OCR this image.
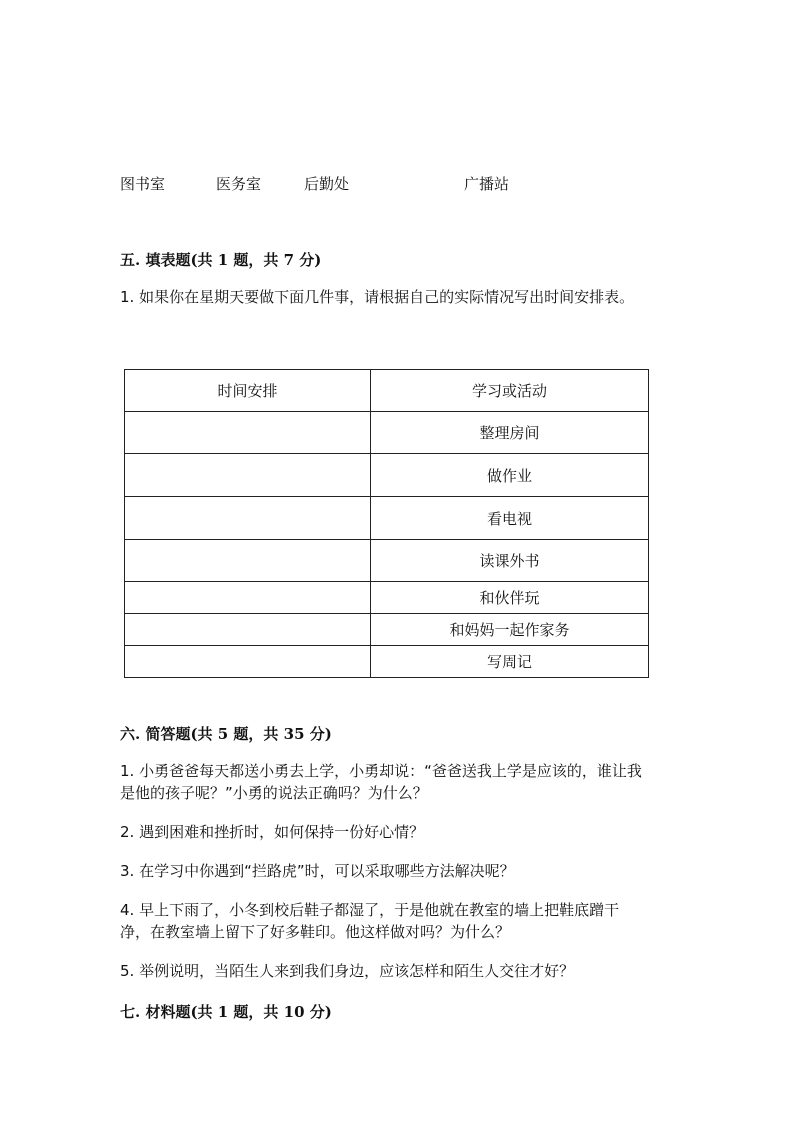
图书室	医务室	后勤处	广播站
五. 填表题(共 1 题，共 7 分)
1. 如果你在星期天要做下面几件事，请根据自己的实际情况写出时间安排表。
时间安排	学习或活动
	整理房间
	做作业
	看电视
	读课外书
	和伙伴玩
	和妈妈一起作家务
	写周记
六. 简答题(共 5 题，共 35 分)
1. 小勇爸爸每天都送小勇去上学，小勇却说：“爸爸送我上学是应该的，谁让我
是他的孩子呢？”小勇的说法正确吗？为什么？
2. 遇到困难和挫折时，如何保持一份好心情？
3. 在学习中你遇到“拦路虎”时，可以采取哪些方法解决呢？
4. 早上下雨了，小冬到校后鞋子都湿了，于是他就在教室的墙上把鞋底蹭干
净，在教室墙上留下了好多鞋印。他这样做对吗？为什么？
5. 举例说明，当陌生人来到我们身边，应该怎样和陌生人交往才好？
七. 材料题(共 1 题，共 10 分)
